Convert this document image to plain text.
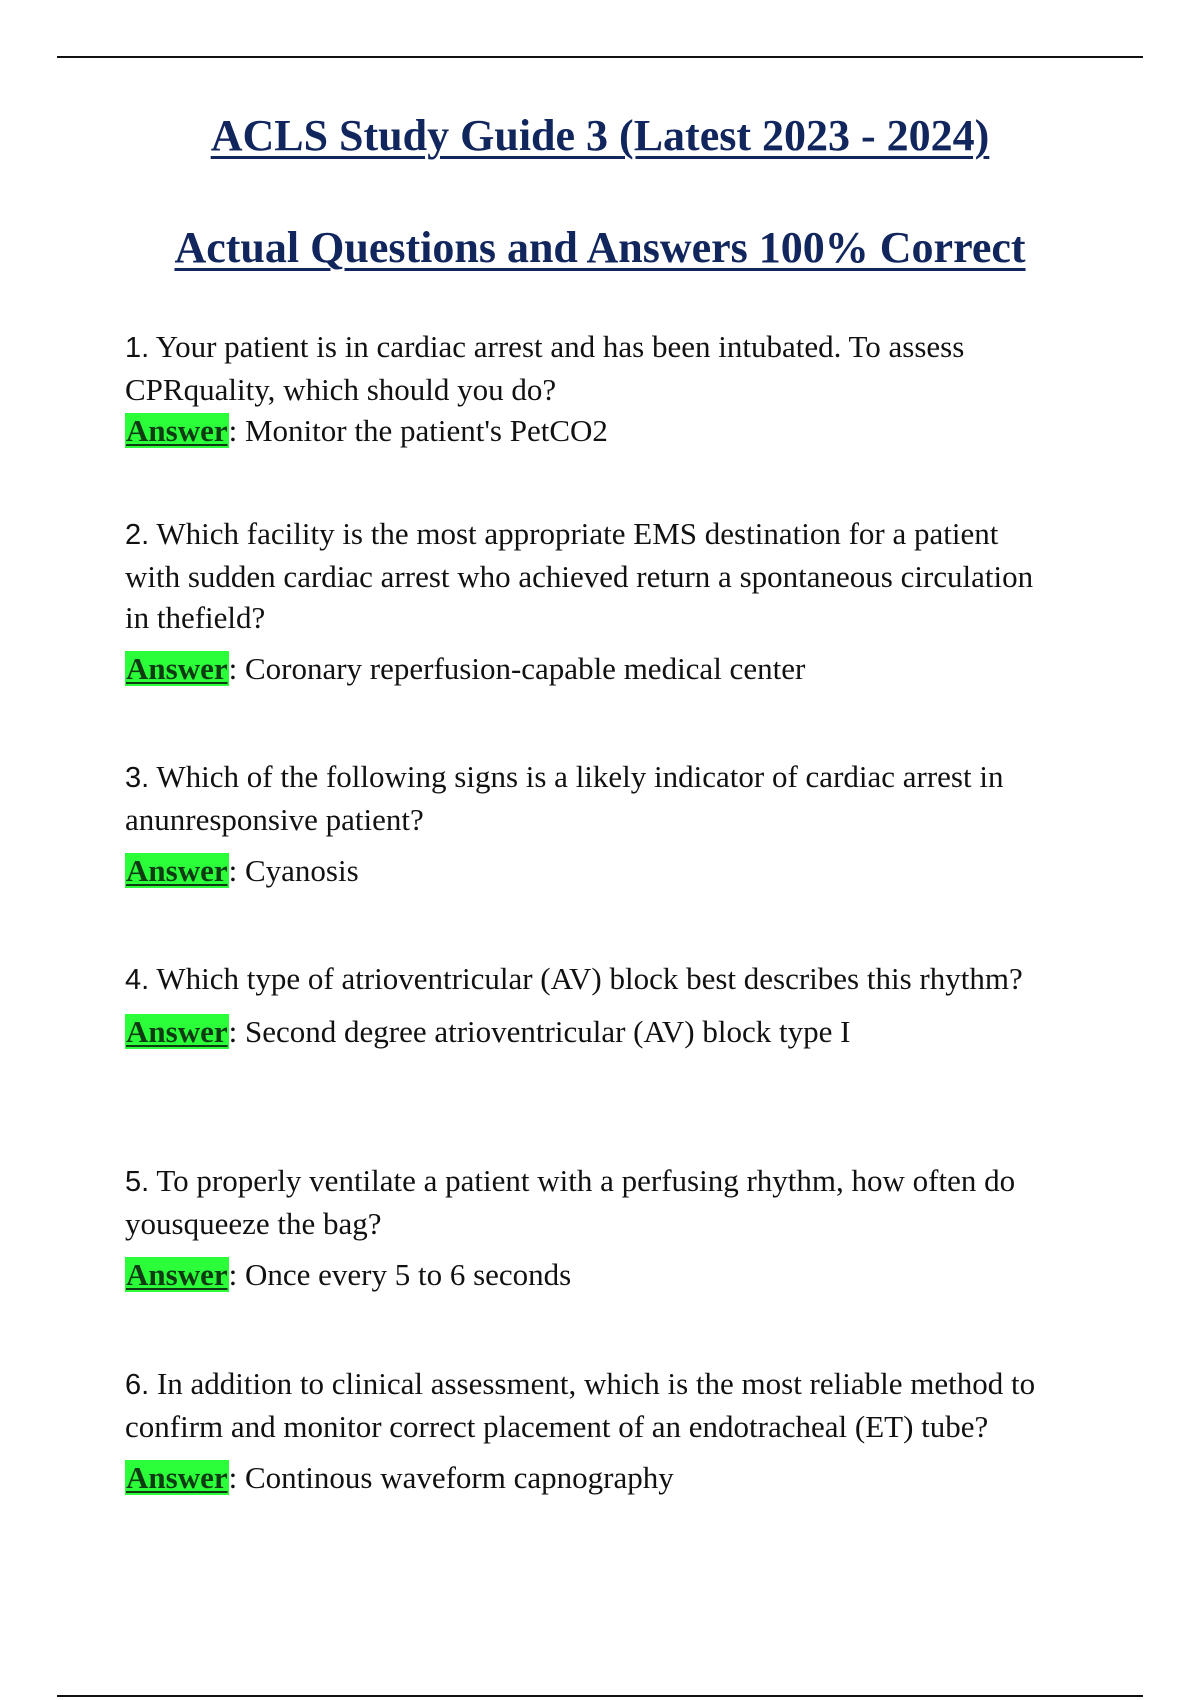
ACLS Study Guide 3 (Latest 2023 - 2024)
Actual Questions and Answers 100% Correct

1. Your patient is in cardiac arrest and has been intubated. To assess CPRquality, which should you do?

Answer: Monitor the patient's PetCO2

2. Which facility is the most appropriate EMS destination for a patient with sudden cardiac arrest who achieved return a spontaneous circulation in thefield?

Answer: Coronary reperfusion-capable medical center

3. Which of the following signs is a likely indicator of cardiac arrest in anunresponsive patient?

Answer: Cyanosis

4. Which type of atrioventricular (AV) block best describes this rhythm?

Answer: Second degree atrioventricular (AV) block type I

5. To properly ventilate a patient with a perfusing rhythm, how often do yousqueeze the bag?

Answer: Once every 5 to 6 seconds

6. In addition to clinical assessment, which is the most reliable method to confirm and monitor correct placement of an endotracheal (ET) tube?

Answer: Continous waveform capnography
